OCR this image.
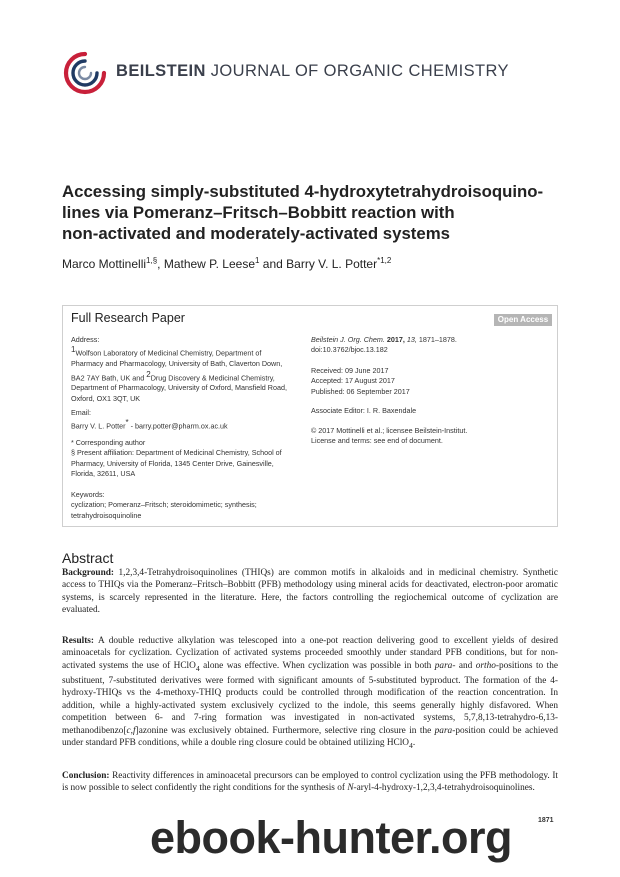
BEILSTEIN JOURNAL OF ORGANIC CHEMISTRY
Accessing simply-substituted 4-hydroxytetrahydroisoquino-
lines via Pomeranz–Fritsch–Bobbitt reaction with
non-activated and moderately-activated systems
Marco Mottinelli$^{1,\S}$, Mathew P. Leese$^1$ and Barry V. L. Potter$^{*1,2}$
Full Research Paper	Open Access
Address:
$^1$Wolfson Laboratory of Medicinal Chemistry, Department of
Pharmacy and Pharmacology, University of Bath, Claverton Down,
BA2 7AY Bath, UK and $^2$Drug Discovery & Medicinal Chemistry,
Department of Pharmacology, University of Oxford, Mansfield Road,
Oxford, OX1 3QT, UK
Email:
Barry V. L. Potter* - barry.potter@pharm.ox.ac.uk
* Corresponding author
§ Present affiliation: Department of Medicinal Chemistry, School of
Pharmacy, University of Florida, 1345 Center Drive, Gainesville,
Florida, 32611, USA
Keywords:
cyclization; Pomeranz–Fritsch; steroidomimetic; synthesis;
tetrahydroisoquinoline
Beilstein J. Org. Chem. 2017, 13, 1871–1878.
doi:10.3762/bjoc.13.182
Received: 09 June 2017
Accepted: 17 August 2017
Published: 06 September 2017
Associate Editor: I. R. Baxendale
© 2017 Mottinelli et al.; licensee Beilstein-Institut.
License and terms: see end of document.
Abstract
Background: 1,2,3,4-Tetrahydroisoquinolines (THIQs) are common motifs in alkaloids and in medicinal chemistry. Synthetic access to THIQs via the Pomeranz–Fritsch–Bobbitt (PFB) methodology using mineral acids for deactivated, electron-poor aromatic systems, is scarcely represented in the literature. Here, the factors controlling the regiochemical outcome of cyclization are evaluated.
Results: A double reductive alkylation was telescoped into a one-pot reaction delivering good to excellent yields of desired aminoacetals for cyclization. Cyclization of activated systems proceeded smoothly under standard PFB conditions, but for non-activated systems the use of HClO$_4$ alone was effective. When cyclization was possible in both para- and ortho-positions to the substituent, 7-substituted derivatives were formed with significant amounts of 5-substituted byproduct. The formation of the 4-hydroxy-THIQs vs the 4-methoxy-THIQ products could be controlled through modification of the reaction concentration. In addition, while a highly-activated system exclusively cyclized to the indole, this seems generally highly disfavored. When competition between 6- and 7-ring formation was investigated in non-activated systems, 5,7,8,13-tetrahydro-6,13-methanodibenzo[c,f]azonine was exclusively obtained. Furthermore, selective ring closure in the para-position could be achieved under standard PFB conditions, while a double ring closure could be obtained utilizing HClO$_4$.
Conclusion: Reactivity differences in aminoacetal precursors can be employed to control cyclization using the PFB methodology. It is now possible to select confidently the right conditions for the synthesis of N-aryl-4-hydroxy-1,2,3,4-tetrahydroisoquinolines.
1871
ebook-hunter.org
